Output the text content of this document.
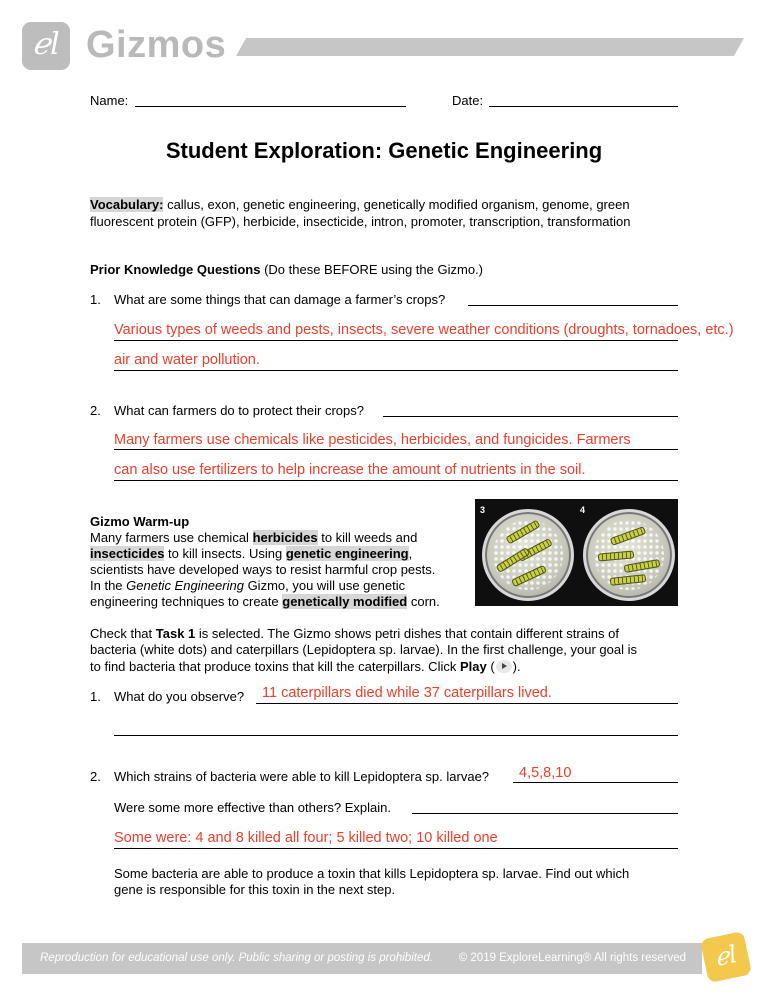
ℯl Gizmos
Name:	Date:
Student Exploration: Genetic Engineering
Vocabulary: callus, exon, genetic engineering, genetically modified organism, genome, green
fluorescent protein (GFP), herbicide, insecticide, intron, promoter, transcription, transformation
Prior Knowledge Questions (Do these BEFORE using the Gizmo.)
1. What are some things that can damage a farmer’s crops?
Various types of weeds and pests, insects, severe weather conditions (droughts, tornadoes, etc.)
air and water pollution.
2. What can farmers do to protect their crops?
Many farmers use chemicals like pesticides, herbicides, and fungicides. Farmers
can also use fertilizers to help increase the amount of nutrients in the soil.
Gizmo Warm-up
Many farmers use chemical herbicides to kill weeds and
insecticides to kill insects. Using genetic engineering,
scientists have developed ways to resist harmful crop pests.
In the Genetic Engineering Gizmo, you will use genetic
engineering techniques to create genetically modified corn.
3	4
Check that Task 1 is selected. The Gizmo shows petri dishes that contain different strains of
bacteria (white dots) and caterpillars (Lepidoptera sp. larvae). In the first challenge, your goal is
to find bacteria that produce toxins that kill the caterpillars. Click Play ( ).
1. What do you observe? 11 caterpillars died while 37 caterpillars lived.
2. Which strains of bacteria were able to kill Lepidoptera sp. larvae? 4,5,8,10
Were some more effective than others? Explain.
Some were: 4 and 8 killed all four; 5 killed two; 10 killed one
Some bacteria are able to produce a toxin that kills Lepidoptera sp. larvae. Find out which
gene is responsible for this toxin in the next step.
Reproduction for educational use only. Public sharing or posting is prohibited. © 2019 ExploreLearning® All rights reserved	ℯl
